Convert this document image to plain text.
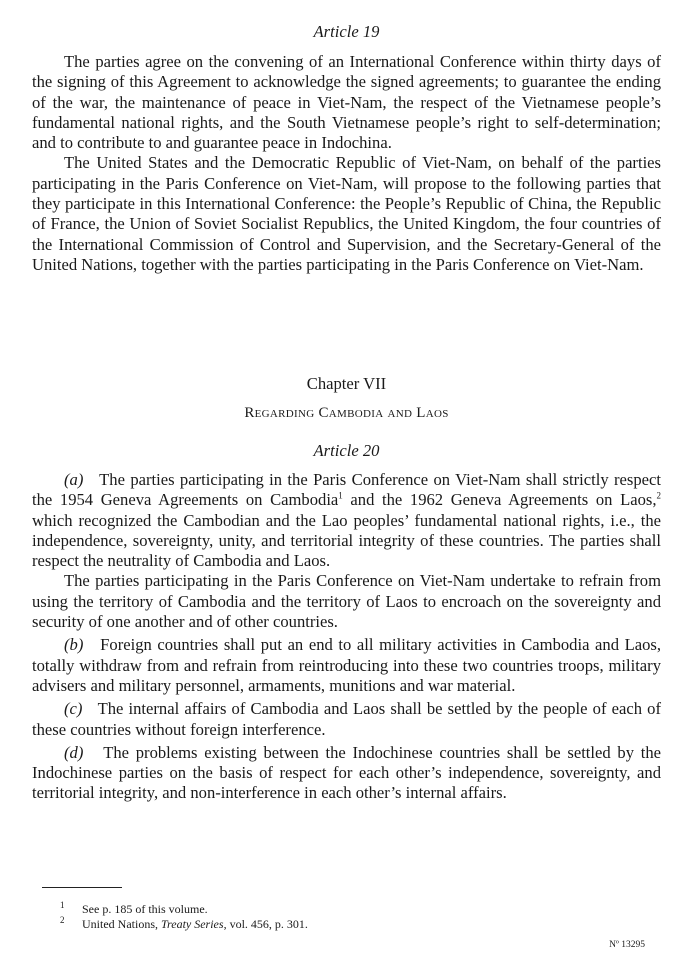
Article 19

The parties agree on the convening of an International Conference within thirty days of the signing of this Agreement to acknowledge the signed agreements; to guarantee the ending of the war, the maintenance of peace in Viet-Nam, the respect of the Vietnamese people’s fundamental national rights, and the South Vietnamese people’s right to self-determination; and to contribute to and guarantee peace in Indochina.

The United States and the Democratic Republic of Viet-Nam, on behalf of the parties participating in the Paris Conference on Viet-Nam, will propose to the following parties that they participate in this International Conference: the People’s Republic of China, the Republic of France, the Union of Soviet Socialist Republics, the United Kingdom, the four countries of the International Commission of Control and Supervision, and the Secretary-General of the United Nations, together with the parties participating in the Paris Conference on Viet-Nam.

Chapter VII
Regarding Cambodia and Laos
Article 20

(a) The parties participating in the Paris Conference on Viet-Nam shall strictly respect the 1954 Geneva Agreements on Cambodia$^1$ and the 1962 Geneva Agreements on Laos,$^2$ which recognized the Cambodian and the Lao peoples’ fundamental national rights, i.e., the independence, sovereignty, unity, and territorial integrity of these countries. The parties shall respect the neutrality of Cambodia and Laos.

The parties participating in the Paris Conference on Viet-Nam undertake to refrain from using the territory of Cambodia and the territory of Laos to encroach on the sovereignty and security of one another and of other countries.

(b) Foreign countries shall put an end to all military activities in Cambodia and Laos, totally withdraw from and refrain from reintroducing into these two countries troops, military advisers and military personnel, armaments, munitions and war material.

(c) The internal affairs of Cambodia and Laos shall be settled by the people of each of these countries without foreign interference.

(d) The problems existing between the Indochinese countries shall be settled by the Indochinese parties on the basis of respect for each other’s independence, sovereignty, and territorial integrity, and non-interference in each other’s internal affairs.

1 See p. 185 of this volume.
2 United Nations, Treaty Series, vol. 456, p. 301.
Nº 13295
